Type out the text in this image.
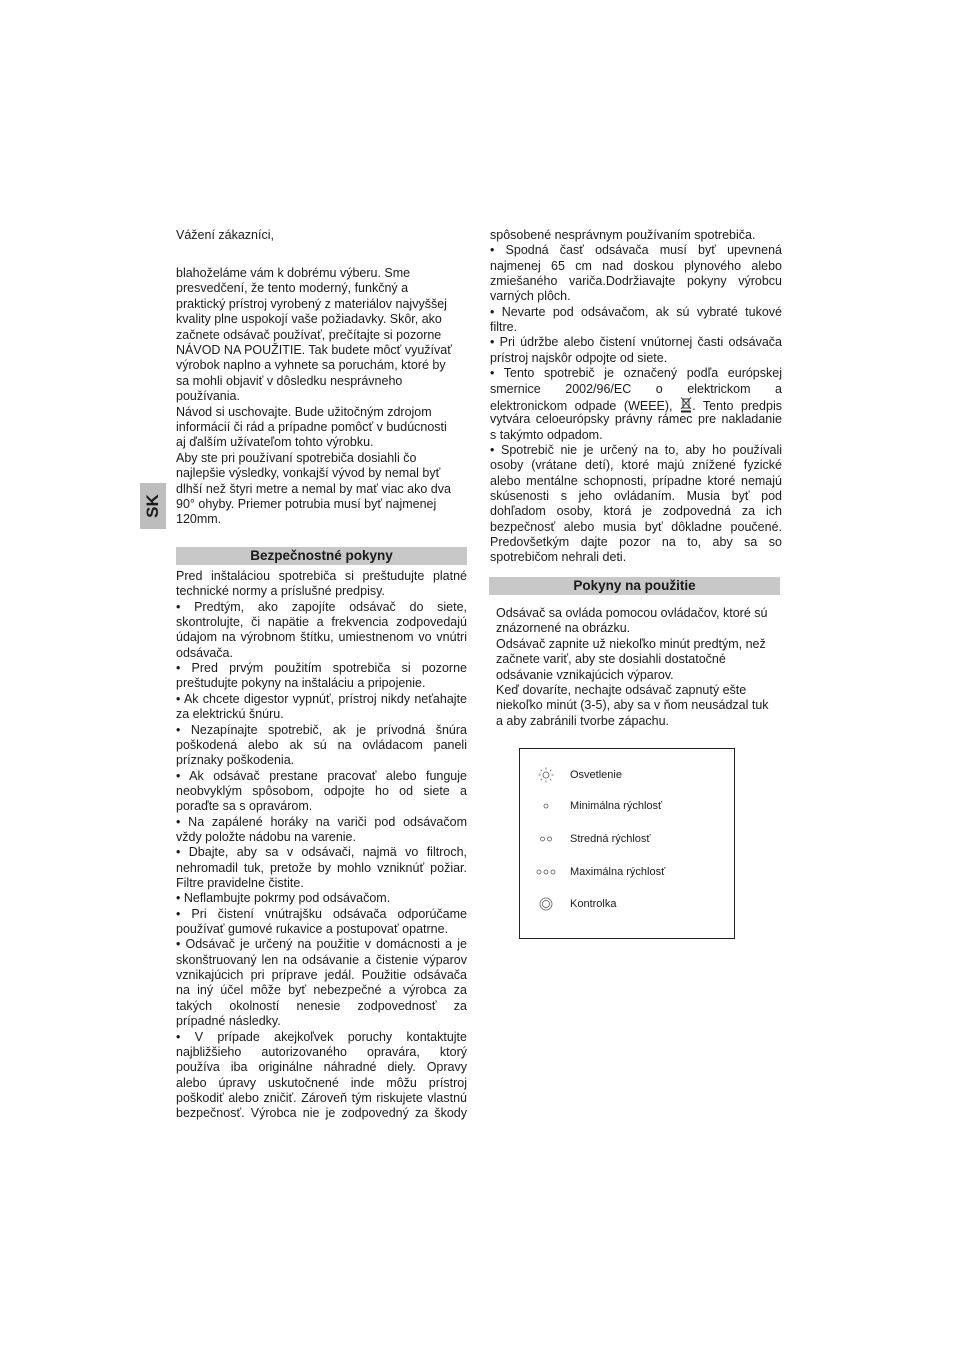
SK
Vážení zákazníci,
blahoželáme vám k dobrému výberu. Sme
presvedčení, že tento moderný, funkčný a
praktický prístroj vyrobený z materiálov najvyššej
kvality plne uspokojí vaše požiadavky. Skôr, ako
začnete odsávač používať, prečítajte si pozorne
NÁVOD NA POUŽITIE. Tak budete môcť využívať
výrobok naplno a vyhnete sa poruchám, ktoré by
sa mohli objaviť v dôsledku nesprávneho
používania.
Návod si uschovajte. Bude užitočným zdrojom
informácií či rád a prípadne pomôcť v budúcnosti
aj ďalším užívateľom tohto výrobku.
Aby ste pri používaní spotrebiča dosiahli čo
najlepšie výsledky, vonkajší vývod by nemal byť
dlhší než štyri metre a nemal by mať viac ako dva
90° ohyby. Priemer potrubia musí byť najmenej
120mm.
Bezpečnostné pokyny
Pred inštaláciou spotrebiča si preštudujte platné
technické normy a príslušné predpisy.
• Predtým, ako zapojíte odsávač do siete,
skontrolujte, či napätie a frekvencia zodpovedajú
údajom na výrobnom štítku, umiestnenom vo vnútri
odsávača.
• Pred prvým použitím spotrebiča si pozorne
preštudujte pokyny na inštaláciu a pripojenie.
• Ak chcete digestor vypnúť, prístroj nikdy neťahajte
za elektrickú šnúru.
• Nezapínajte spotrebič, ak je prívodná šnúra
poškodená alebo ak sú na ovládacom paneli
príznaky poškodenia.
• Ak odsávač prestane pracovať alebo funguje
neobvyklým spôsobom, odpojte ho od siete a
poraďte sa s opravárom.
• Na zapálené horáky na variči pod odsávačom
vždy položte nádobu na varenie.
• Dbajte, aby sa v odsávači, najmä vo filtroch,
nehromadil tuk, pretože by mohlo vzniknúť požiar.
Filtre pravidelne čistite.
• Neflambujte pokrmy pod odsávačom.
• Pri čistení vnútrajšku odsávača odporúčame
používať gumové rukavice a postupovať opatrne.
• Odsávač je určený na použitie v domácnosti a je
skonštruovaný len na odsávanie a čistenie výparov
vznikajúcich pri príprave jedál. Použitie odsávača
na iný účel môže byť nebezpečné a výrobca za
takých okolností nenesie zodpovednosť za
prípadné následky.
• V prípade akejkoľvek poruchy kontaktujte
najbližšieho autorizovaného opravára, ktorý
používa iba originálne náhradné diely. Opravy
alebo úpravy uskutočnené inde môžu prístroj
poškodiť alebo zničiť. Zároveň tým riskujete vlastnú
bezpečnosť. Výrobca nie je zodpovedný za škody
spôsobené nesprávnym používaním spotrebiča.
• Spodná časť odsávača musí byť upevnená
najmenej 65 cm nad doskou plynového alebo
zmiešaného variča.Dodržiavajte pokyny výrobcu
varných plôch.
• Nevarte pod odsávačom, ak sú vybraté tukové
filtre.
• Pri údržbe alebo čistení vnútornej časti odsávača
prístroj najskôr odpojte od siete.
• Tento spotrebič je označený podľa európskej
smernice 2002/96/EC o elektrickom a
elektronickom odpade (WEEE), . Tento predpis
vytvára celoeurópsky právny rámec pre nakladanie
s takýmto odpadom.
• Spotrebič nie je určený na to, aby ho používali
osoby (vrátane detí), ktoré majú znížené fyzické
alebo mentálne schopnosti, prípadne ktoré nemajú
skúsenosti s jeho ovládaním. Musia byť pod
dohľadom osoby, ktorá je zodpovedná za ich
bezpečnosť alebo musia byť dôkladne poučené.
Predovšetkým dajte pozor na to, aby sa so
spotrebičom nehrali deti.
Pokyny na použitie
Odsávač sa ovláda pomocou ovládačov, ktoré sú
znázornené na obrázku.
Odsávač zapnite už niekoľko minút predtým, než
začnete variť, aby ste dosiahli dostatočné
odsávanie vznikajúcich výparov.
Keď dovaríte, nechajte odsávač zapnutý ešte
niekoľko minút (3-5), aby sa v ňom neusádzal tuk
a aby zabránili tvorbe zápachu.
Osvetlenie
Minimálna rýchlosť
Stredná rýchlosť
Maximálna rýchlosť
Kontrolka
